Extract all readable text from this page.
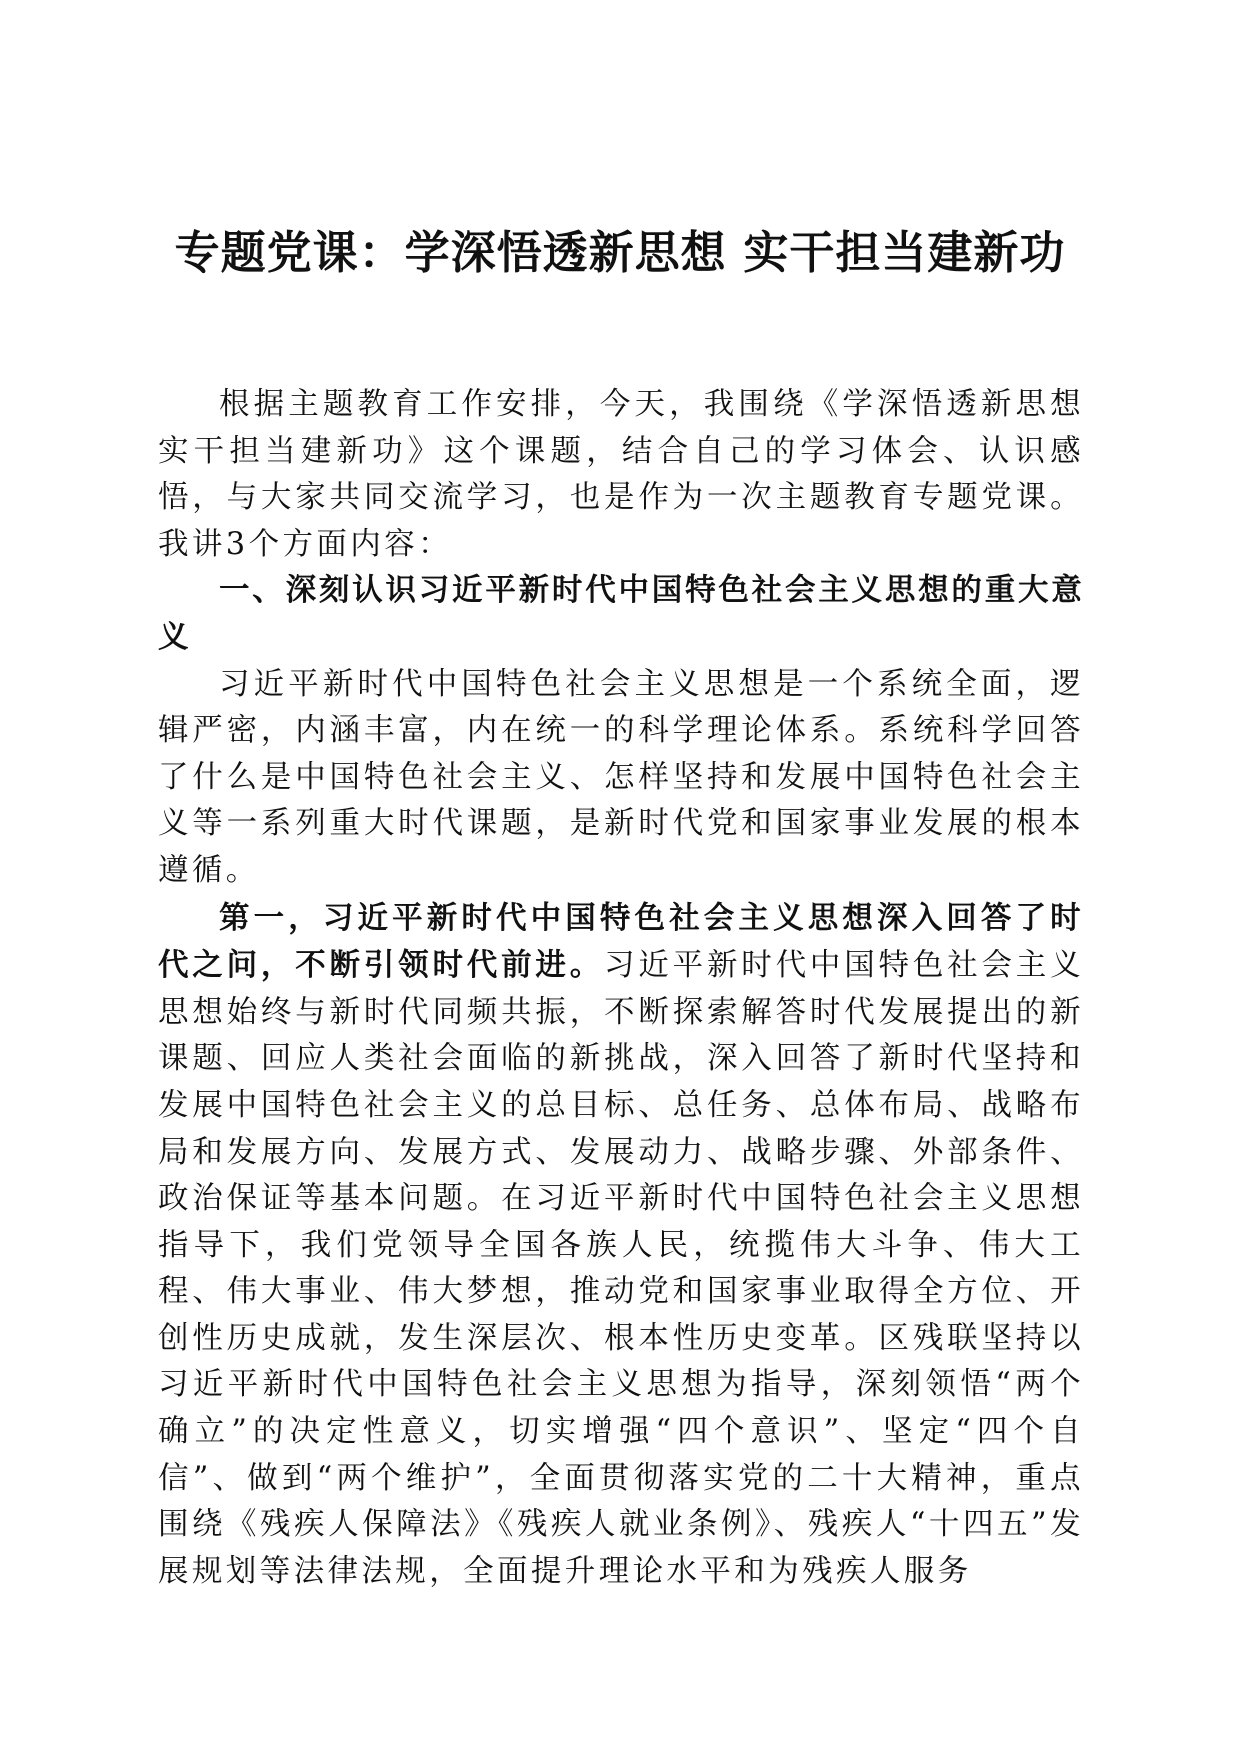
专题党课：学深悟透新思想 实干担当建新功

根据主题教育工作安排，今天，我围绕《学深悟透新思想 实干担当建新功》这个课题，结合自己的学习体会、认识感悟，与大家共同交流学习，也是作为一次主题教育专题党课。我讲3个方面内容：

一、深刻认识习近平新时代中国特色社会主义思想的重大意义

习近平新时代中国特色社会主义思想是一个系统全面，逻辑严密，内涵丰富，内在统一的科学理论体系。系统科学回答了什么是中国特色社会主义、怎样坚持和发展中国特色社会主义等一系列重大时代课题，是新时代党和国家事业发展的根本遵循。

第一，习近平新时代中国特色社会主义思想深入回答了时代之问，不断引领时代前进。习近平新时代中国特色社会主义思想始终与新时代同频共振，不断探索解答时代发展提出的新课题、回应人类社会面临的新挑战，深入回答了新时代坚持和发展中国特色社会主义的总目标、总任务、总体布局、战略布局和发展方向、发展方式、发展动力、战略步骤、外部条件、政治保证等基本问题。在习近平新时代中国特色社会主义思想指导下，我们党领导全国各族人民，统揽伟大斗争、伟大工程、伟大事业、伟大梦想，推动党和国家事业取得全方位、开创性历史成就，发生深层次、根本性历史变革。区残联坚持以习近平新时代中国特色社会主义思想为指导，深刻领悟“两个确立”的决定性意义，切实增强“四个意识”、坚定“四个自信”、做到“两个维护”，全面贯彻落实党的二十大精神，重点围绕《残疾人保障法》《残疾人就业条例》、残疾人“十四五”发展规划等法律法规，全面提升理论水平和为残疾人服务
